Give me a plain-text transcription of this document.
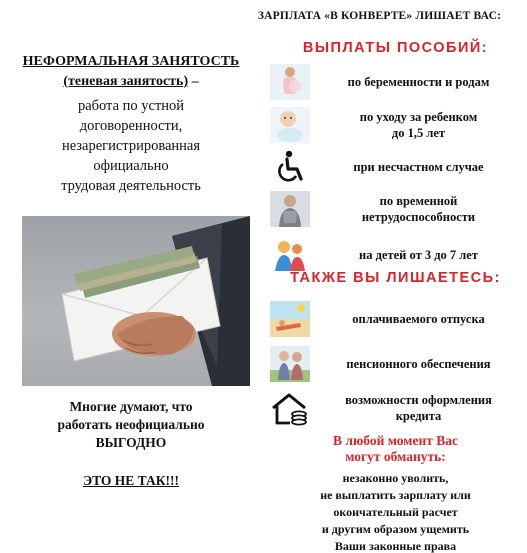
ЗАРПЛАТА «В КОНВЕРТЕ» ЛИШАЕТ ВАС:
НЕФОРМАЛЬНАЯ ЗАНЯТОСТЬ
(теневая занятость) –
работа по устной
договоренности,
незарегистрированная
официально
трудовая деятельность
Многие думают, что
работать неофициально
ВЫГОДНО
ЭТО НЕ ТАК!!!
ВЫПЛАТЫ ПОСОБИЙ:
по беременности и родам
по уходу за ребенком
до 1,5 лет
при несчастном случае
по временной
нетрудоспособности
на детей от 3 до 7 лет
ТАКЖЕ ВЫ ЛИШАЕТЕСЬ:
оплачиваемого отпуска
пенсионного обеспечения
возможности оформления
кредита
В любой момент Вас
могут обмануть:
незаконно уволить,
не выплатить зарплату или
окончательный расчет
и другим образом ущемить
Ваши законные права
